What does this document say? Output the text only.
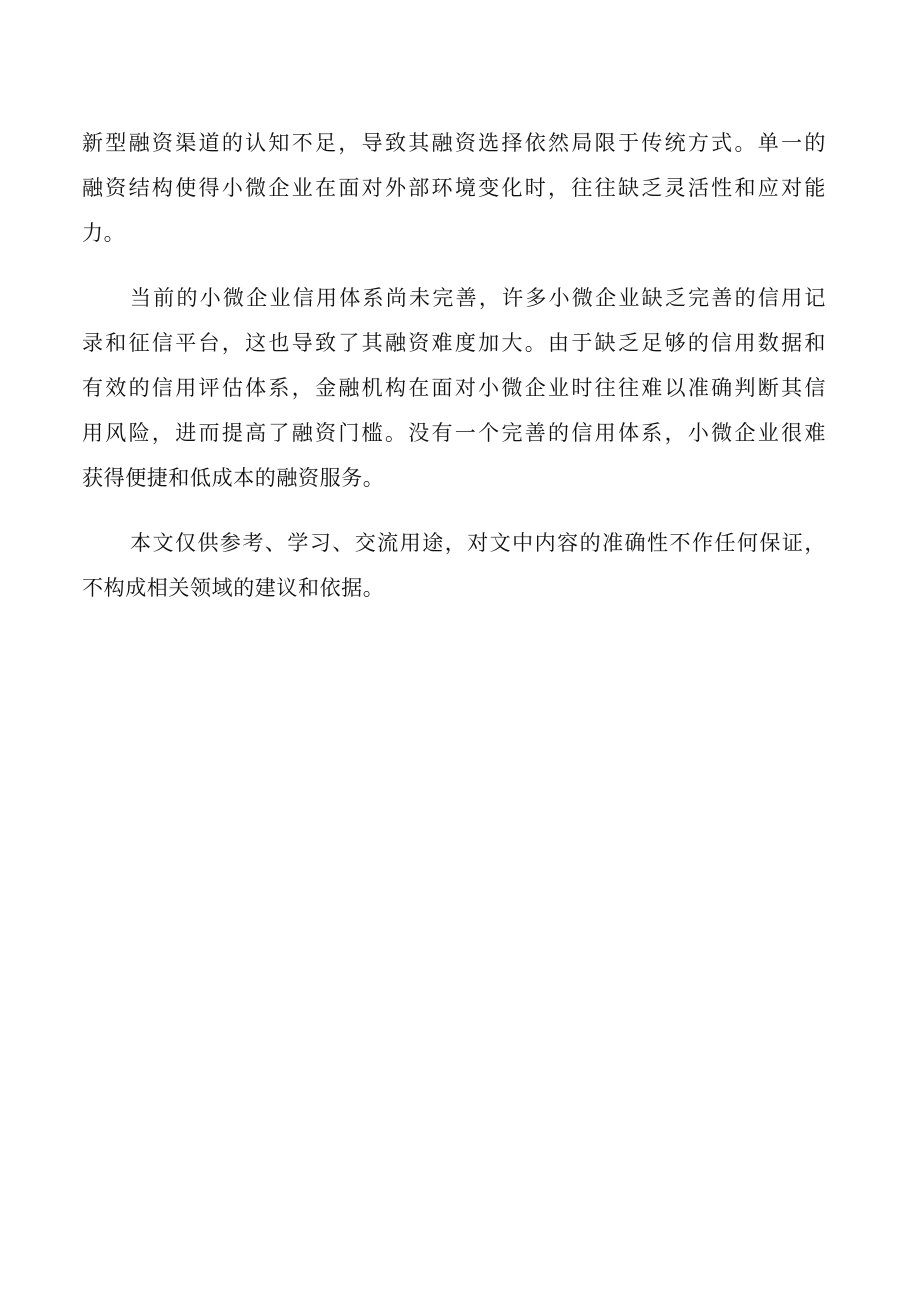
新型融资渠道的认知不足，导致其融资选择依然局限于传统方式。单一的
融资结构使得小微企业在面对外部环境变化时，往往缺乏灵活性和应对能
力。

当前的小微企业信用体系尚未完善，许多小微企业缺乏完善的信用记
录和征信平台，这也导致了其融资难度加大。由于缺乏足够的信用数据和
有效的信用评估体系，金融机构在面对小微企业时往往难以准确判断其信
用风险，进而提高了融资门槛。没有一个完善的信用体系，小微企业很难
获得便捷和低成本的融资服务。

本文仅供参考、学习、交流用途，对文中内容的准确性不作任何保证，
不构成相关领域的建议和依据。
